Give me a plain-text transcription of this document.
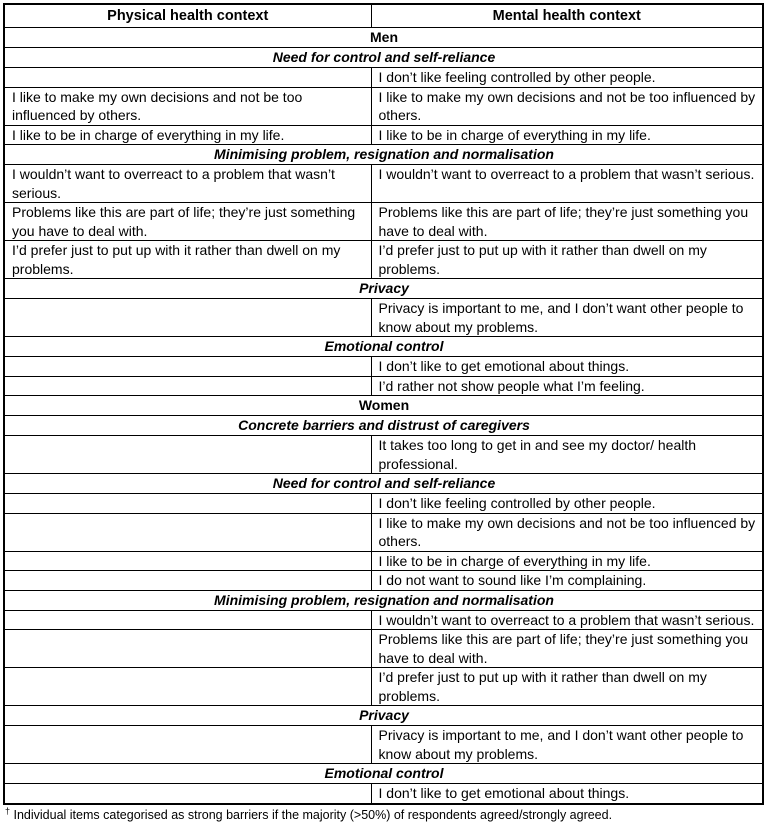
Physical health context	Mental health context
Men	
Need for control and self-reliance	
	I don’t like feeling controlled by other people.
I like to make my own decisions and not be too influenced by others.	I like to make my own decisions and not be too influenced by others.
I like to be in charge of everything in my life.	I like to be in charge of everything in my life.
Minimising problem, resignation and normalisation	
I wouldn’t want to overreact to a problem that wasn’t serious.	I wouldn’t want to overreact to a problem that wasn’t serious.
Problems like this are part of life; they’re just something you have to deal with.	Problems like this are part of life; they’re just something you have to deal with.
I’d prefer just to put up with it rather than dwell on my problems.	I’d prefer just to put up with it rather than dwell on my problems.
Privacy	
	Privacy is important to me, and I don’t want other people to know about my problems.
Emotional control	
	I don’t like to get emotional about things.
	I’d rather not show people what I’m feeling.
Women	
Concrete barriers and distrust of caregivers	
	It takes too long to get in and see my doctor/ health professional.
Need for control and self-reliance	
	I don’t like feeling controlled by other people.
	I like to make my own decisions and not be too influenced by others.
	I like to be in charge of everything in my life.
	I do not want to sound like I’m complaining.
Minimising problem, resignation and normalisation	
	I wouldn’t want to overreact to a problem that wasn’t serious.
	Problems like this are part of life; they’re just something you have to deal with.
	I’d prefer just to put up with it rather than dwell on my problems.
Privacy	
	Privacy is important to me, and I don’t want other people to know about my problems.
Emotional control	
	I don’t like to get emotional about things.
† Individual items categorised as strong barriers if the majority (>50%) of respondents agreed/strongly agreed.
